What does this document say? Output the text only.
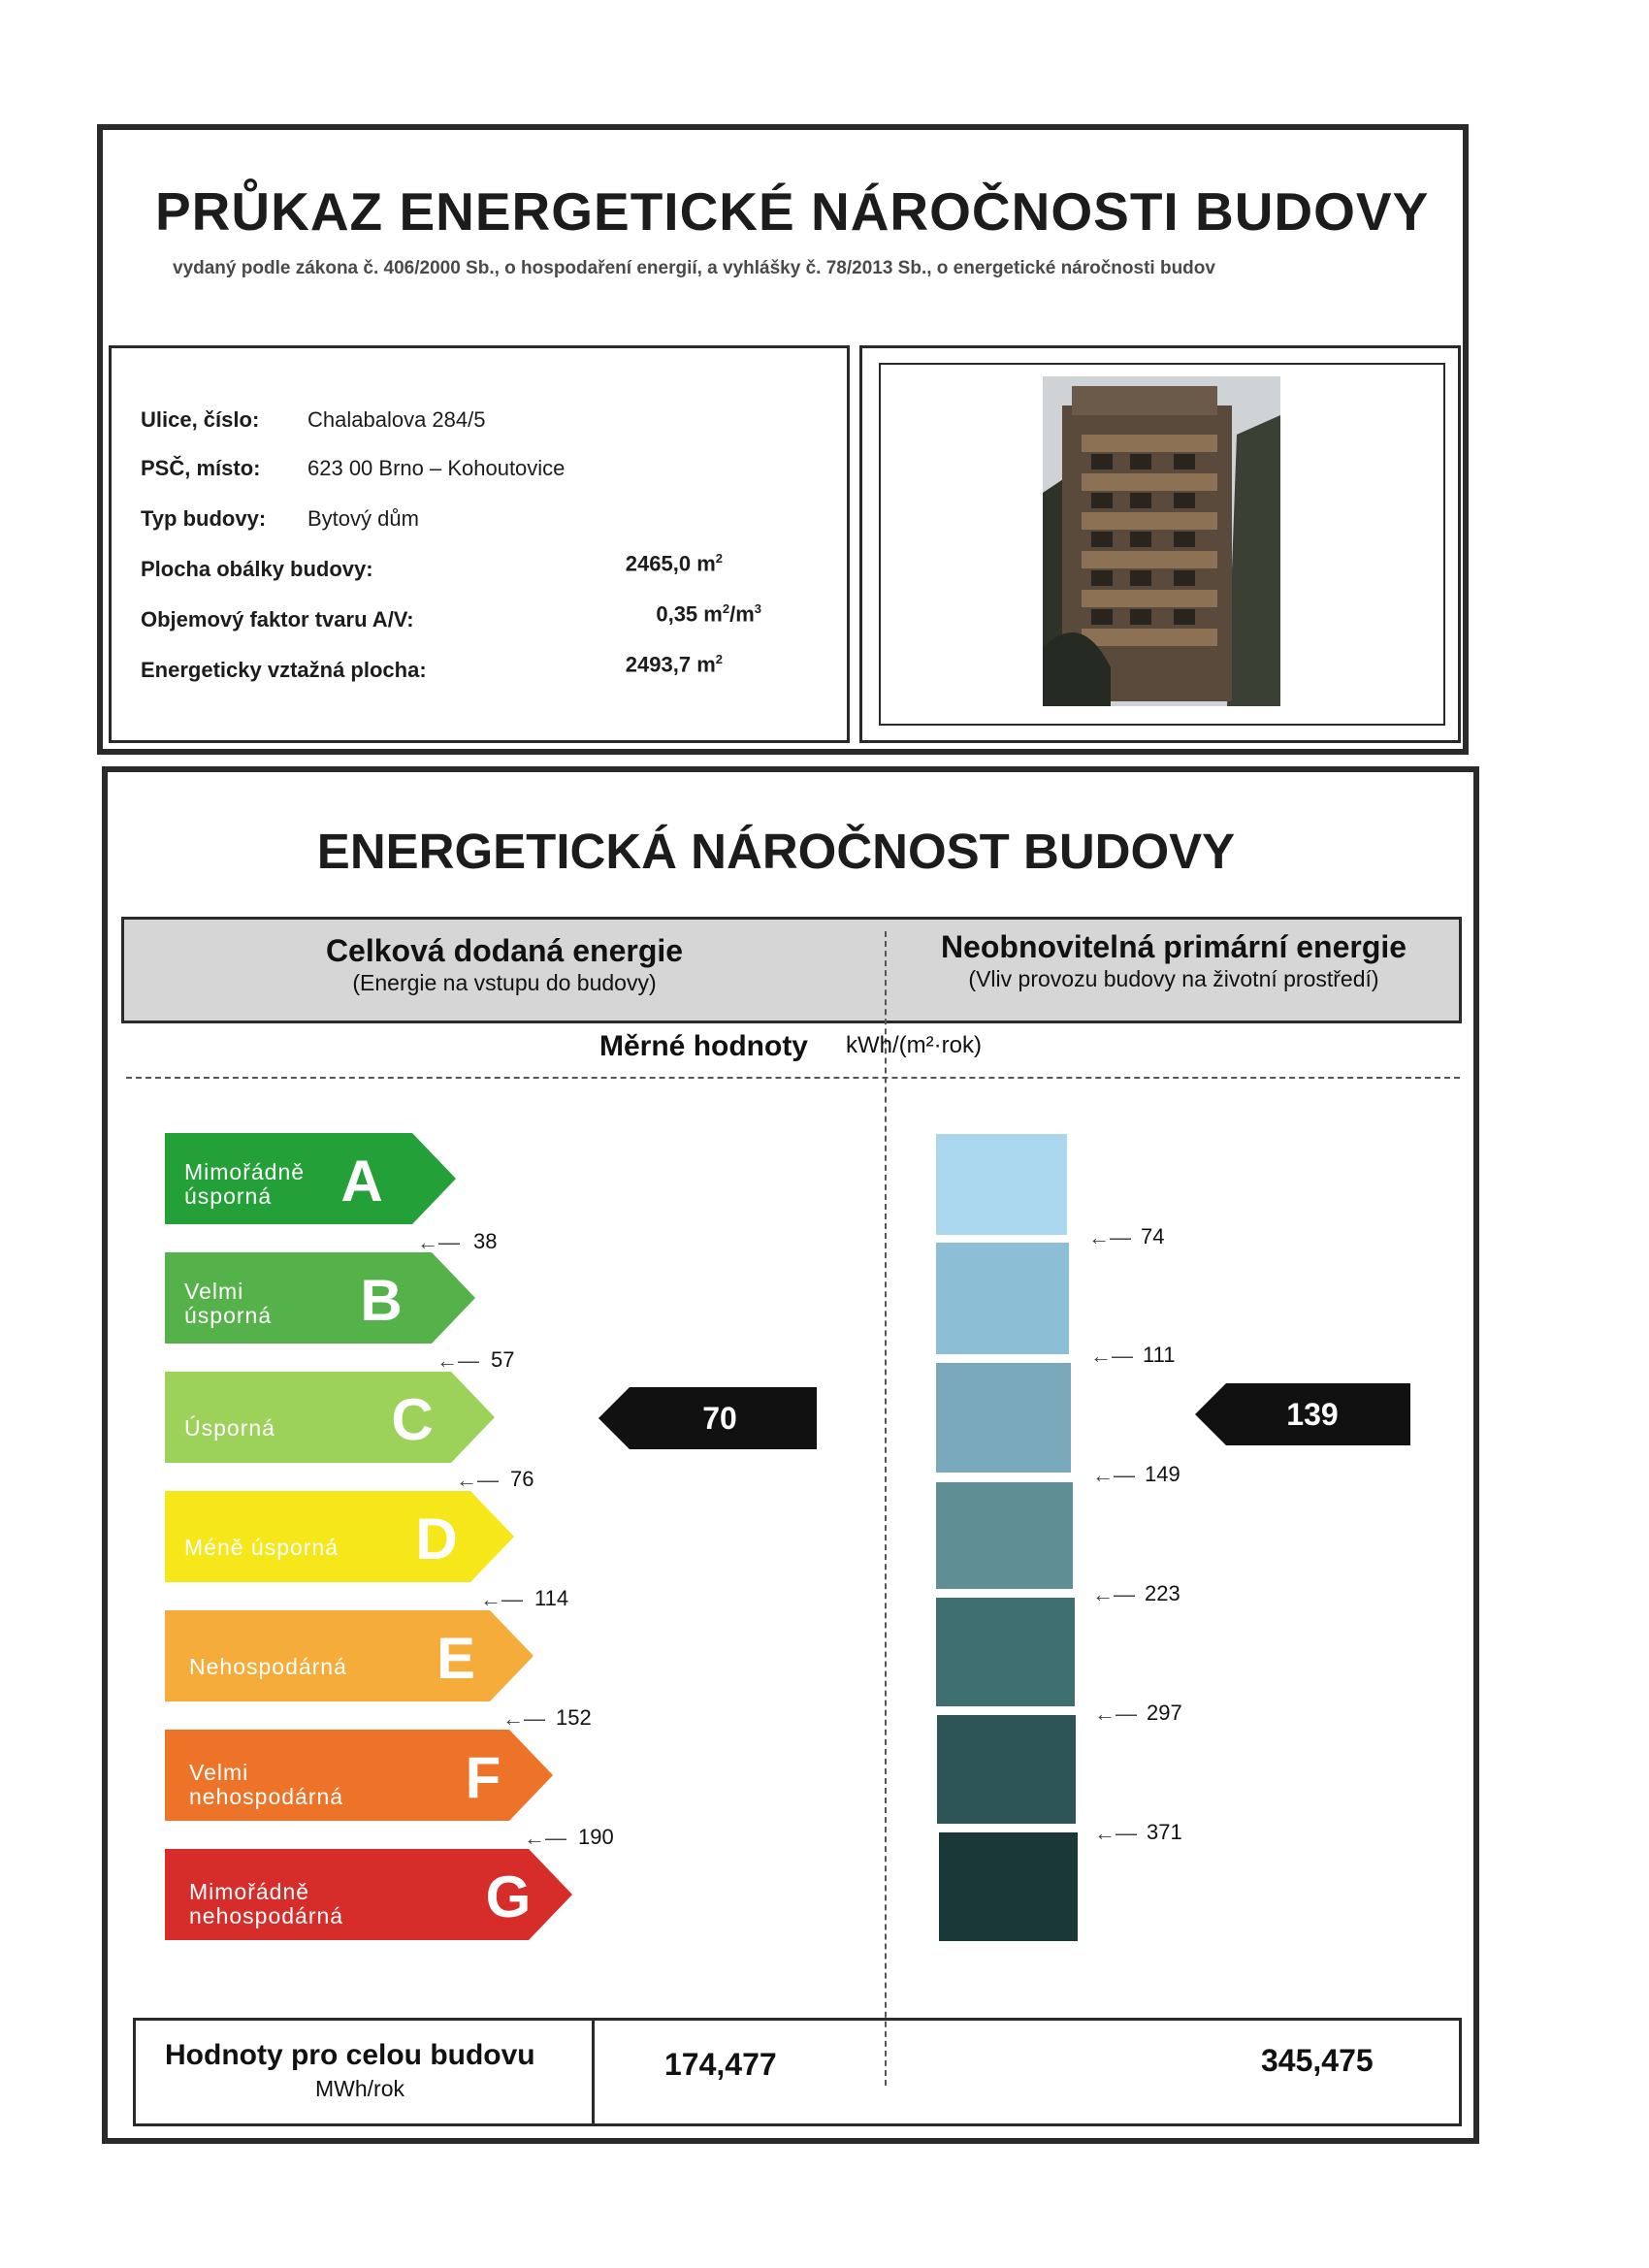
PRŮKAZ ENERGETICKÉ NÁROČNOSTI BUDOVY
vydaný podle zákona č. 406/2000 Sb., o hospodaření energií, a vyhlášky č. 78/2013 Sb., o energetické náročnosti budov
Ulice, číslo: Chalabalova 284/5
PSČ, místo: 623 00 Brno – Kohoutovice
Typ budovy: Bytový dům
Plocha obálky budovy:	2465,0 $m^2$
Objemový faktor tvaru A/V:	0,35 $m^2/m^3$
Energeticky vztažná plocha:	2493,7 $m^2$
ENERGETICKÁ NÁROČNOST BUDOVY
Celková dodaná energie
(Energie na vstupu do budovy)
Neobnovitelná primární energie
(Vliv provozu budovy na životní prostředí)
Měrné hodnoty kWh/(m²·rok)
Mimořádně
úsporná	A
Velmi
úsporná B
Úsporná C
Méně úsporná D
Nehospodárná E
Velmi
nehospodárná F
Mimořádně
nehospodárná G
←— 38
←— 57
←— 76
←— 114
←— 152
←— 190
70
←— 74
←— 111
←— 149
←— 223
←— 297
←— 371
139
Hodnoty pro celou budovu
MWh/rok
174,477	345,475
